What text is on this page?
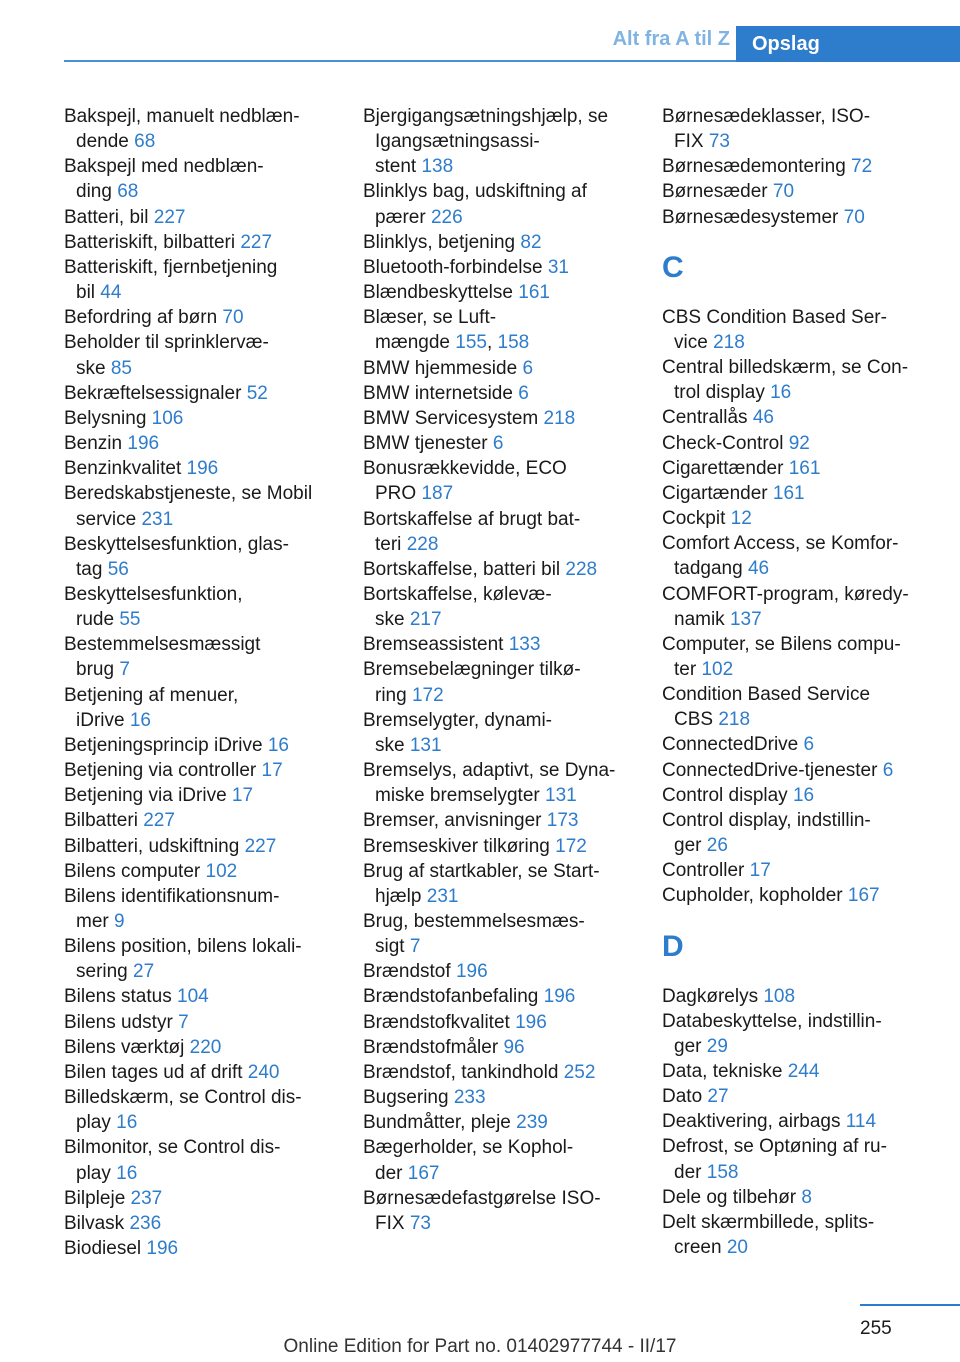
Alt fra A til Z	Opslag
Bakspejl, manuelt nedblæn-
dende 68
Bakspejl med nedblæn-
ding 68
Batteri, bil 227
Batteriskift, bilbatteri 227
Batteriskift, fjernbetjening
bil 44
Befordring af børn 70
Beholder til sprinklervæ-
ske 85
Bekræftelsessignaler 52
Belysning 106
Benzin 196
Benzinkvalitet 196
Beredskabstjeneste, se Mobil
service 231
Beskyttelsesfunktion, glas-
tag 56
Beskyttelsesfunktion,
rude 55
Bestemmelsesmæssigt
brug 7
Betjening af menuer,
iDrive 16
Betjeningsprincip iDrive 16
Betjening via controller 17
Betjening via iDrive 17
Bilbatteri 227
Bilbatteri, udskiftning 227
Bilens computer 102
Bilens identifikationsnum-
mer 9
Bilens position, bilens lokali-
sering 27
Bilens status 104
Bilens udstyr 7
Bilens værktøj 220
Bilen tages ud af drift 240
Billedskærm, se Control dis-
play 16
Bilmonitor, se Control dis-
play 16
Bilpleje 237
Bilvask 236
Biodiesel 196
Bjergigangsætningshjælp, se
Igangsætningsassi-
stent 138
Blinklys bag, udskiftning af
pærer 226
Blinklys, betjening 82
Bluetooth-forbindelse 31
Blændbeskyttelse 161
Blæser, se Luft-
mængde 155, 158
BMW hjemmeside 6
BMW internetside 6
BMW Servicesystem 218
BMW tjenester 6
Bonusrækkevidde, ECO
PRO 187
Bortskaffelse af brugt bat-
teri 228
Bortskaffelse, batteri bil 228
Bortskaffelse, kølevæ-
ske 217
Bremseassistent 133
Bremsebelægninger tilkø-
ring 172
Bremselygter, dynami-
ske 131
Bremselys, adaptivt, se Dyna-
miske bremselygter 131
Bremser, anvisninger 173
Bremseskiver tilkøring 172
Brug af startkabler, se Start-
hjælp 231
Brug, bestemmelsesmæs-
sigt 7
Brændstof 196
Brændstofanbefaling 196
Brændstofkvalitet 196
Brændstofmåler 96
Brændstof, tankindhold 252
Bugsering 233
Bundmåtter, pleje 239
Bægerholder, se Kophol-
der 167
Børnesædefastgørelse ISO-
FIX 73
Børnesædeklasser, ISO-
FIX 73
Børnesædemontering 72
Børnesæder 70
Børnesædesystemer 70
C
CBS Condition Based Ser-
vice 218
Central billedskærm, se Con-
trol display 16
Centrallås 46
Check-Control 92
Cigarettænder 161
Cigartænder 161
Cockpit 12
Comfort Access, se Komfor-
tadgang 46
COMFORT-program, køredy-
namik 137
Computer, se Bilens compu-
ter 102
Condition Based Service
CBS 218
ConnectedDrive 6
ConnectedDrive-tjenester 6
Control display 16
Control display, indstillin-
ger 26
Controller 17
Cupholder, kopholder 167
D
Dagkørelys 108
Databeskyttelse, indstillin-
ger 29
Data, tekniske 244
Dato 27
Deaktivering, airbags 114
Defrost, se Optøning af ru-
der 158
Dele og tilbehør 8
Delt skærmbillede, splits-
creen 20
255
Online Edition for Part no. 01402977744 - II/17
